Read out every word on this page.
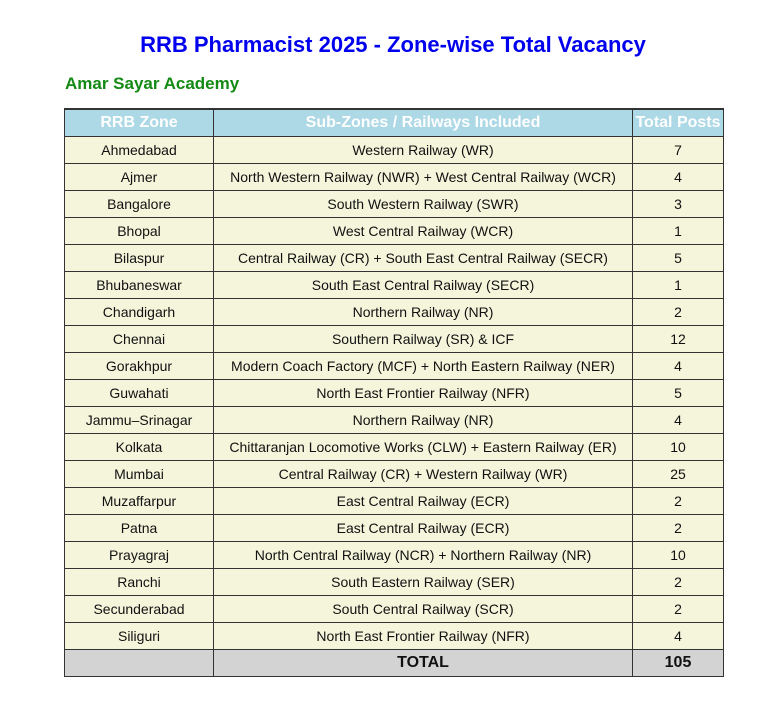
RRB Pharmacist 2025 - Zone-wise Total Vacancy
Amar Sayar Academy
RRB Zone	Sub-Zones / Railways Included	Total Posts
Ahmedabad	Western Railway (WR)	7
Ajmer	North Western Railway (NWR) + West Central Railway (WCR)	4
Bangalore	South Western Railway (SWR)	3
Bhopal	West Central Railway (WCR)	1
Bilaspur	Central Railway (CR) + South East Central Railway (SECR)	5
Bhubaneswar	South East Central Railway (SECR)	1
Chandigarh	Northern Railway (NR)	2
Chennai	Southern Railway (SR) & ICF	12
Gorakhpur	Modern Coach Factory (MCF) + North Eastern Railway (NER)	4
Guwahati	North East Frontier Railway (NFR)	5
Jammu–Srinagar	Northern Railway (NR)	4
Kolkata	Chittaranjan Locomotive Works (CLW) + Eastern Railway (ER)	10
Mumbai	Central Railway (CR) + Western Railway (WR)	25
Muzaffarpur	East Central Railway (ECR)	2
Patna	East Central Railway (ECR)	2
Prayagraj	North Central Railway (NCR) + Northern Railway (NR)	10
Ranchi	South Eastern Railway (SER)	2
Secunderabad	South Central Railway (SCR)	2
Siliguri	North East Frontier Railway (NFR)	4
	TOTAL	105
